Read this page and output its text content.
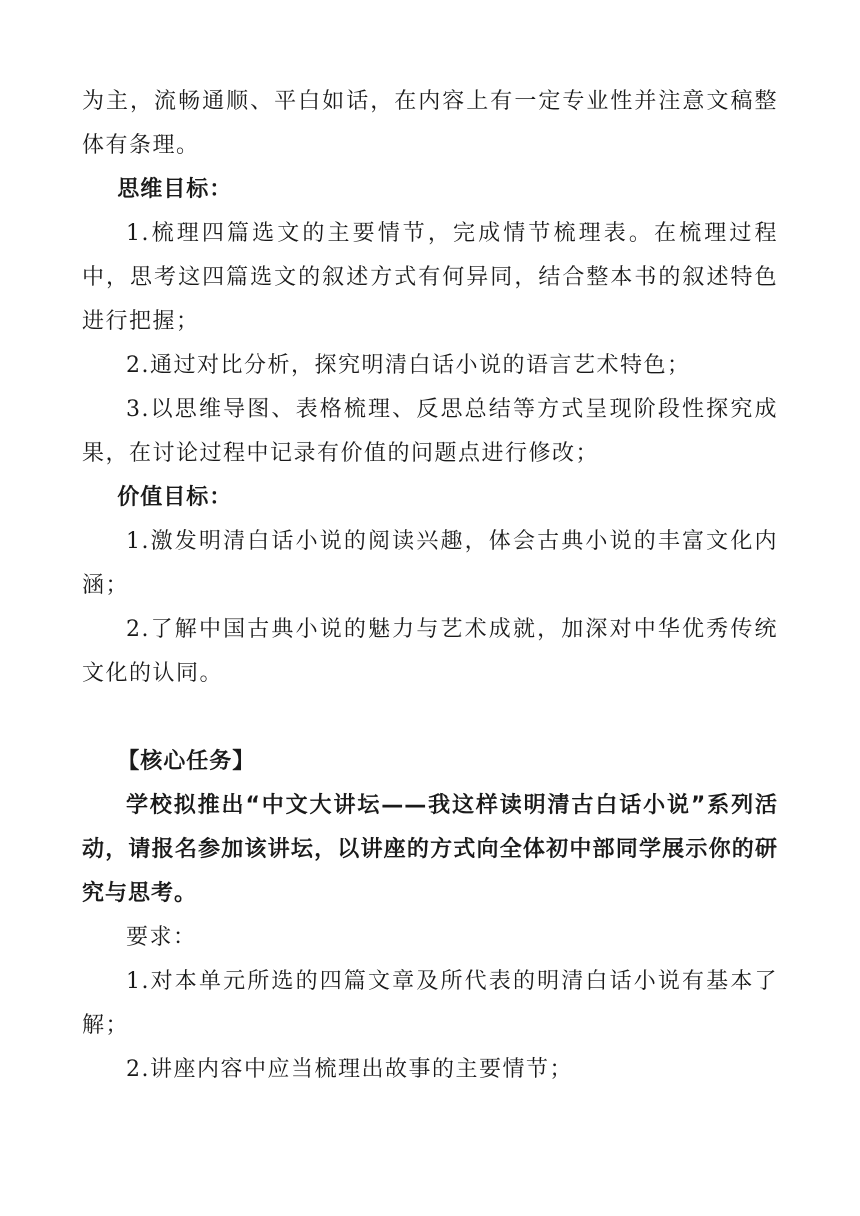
为主，流畅通顺、平白如话，在内容上有一定专业性并注意文稿整体有条理。

思维目标：

1.梳理四篇选文的主要情节，完成情节梳理表。在梳理过程中，思考这四篇选文的叙述方式有何异同，结合整本书的叙述特色进行把握；

2.通过对比分析，探究明清白话小说的语言艺术特色；

3.以思维导图、表格梳理、反思总结等方式呈现阶段性探究成果，在讨论过程中记录有价值的问题点进行修改；

价值目标：

1.激发明清白话小说的阅读兴趣，体会古典小说的丰富文化内涵；

2.了解中国古典小说的魅力与艺术成就，加深对中华优秀传统文化的认同。

【核心任务】

学校拟推出“中文大讲坛——我这样读明清古白话小说”系列活动，请报名参加该讲坛，以讲座的方式向全体初中部同学展示你的研究与思考。

要求：

1.对本单元所选的四篇文章及所代表的明清白话小说有基本了解；

2.讲座内容中应当梳理出故事的主要情节；
